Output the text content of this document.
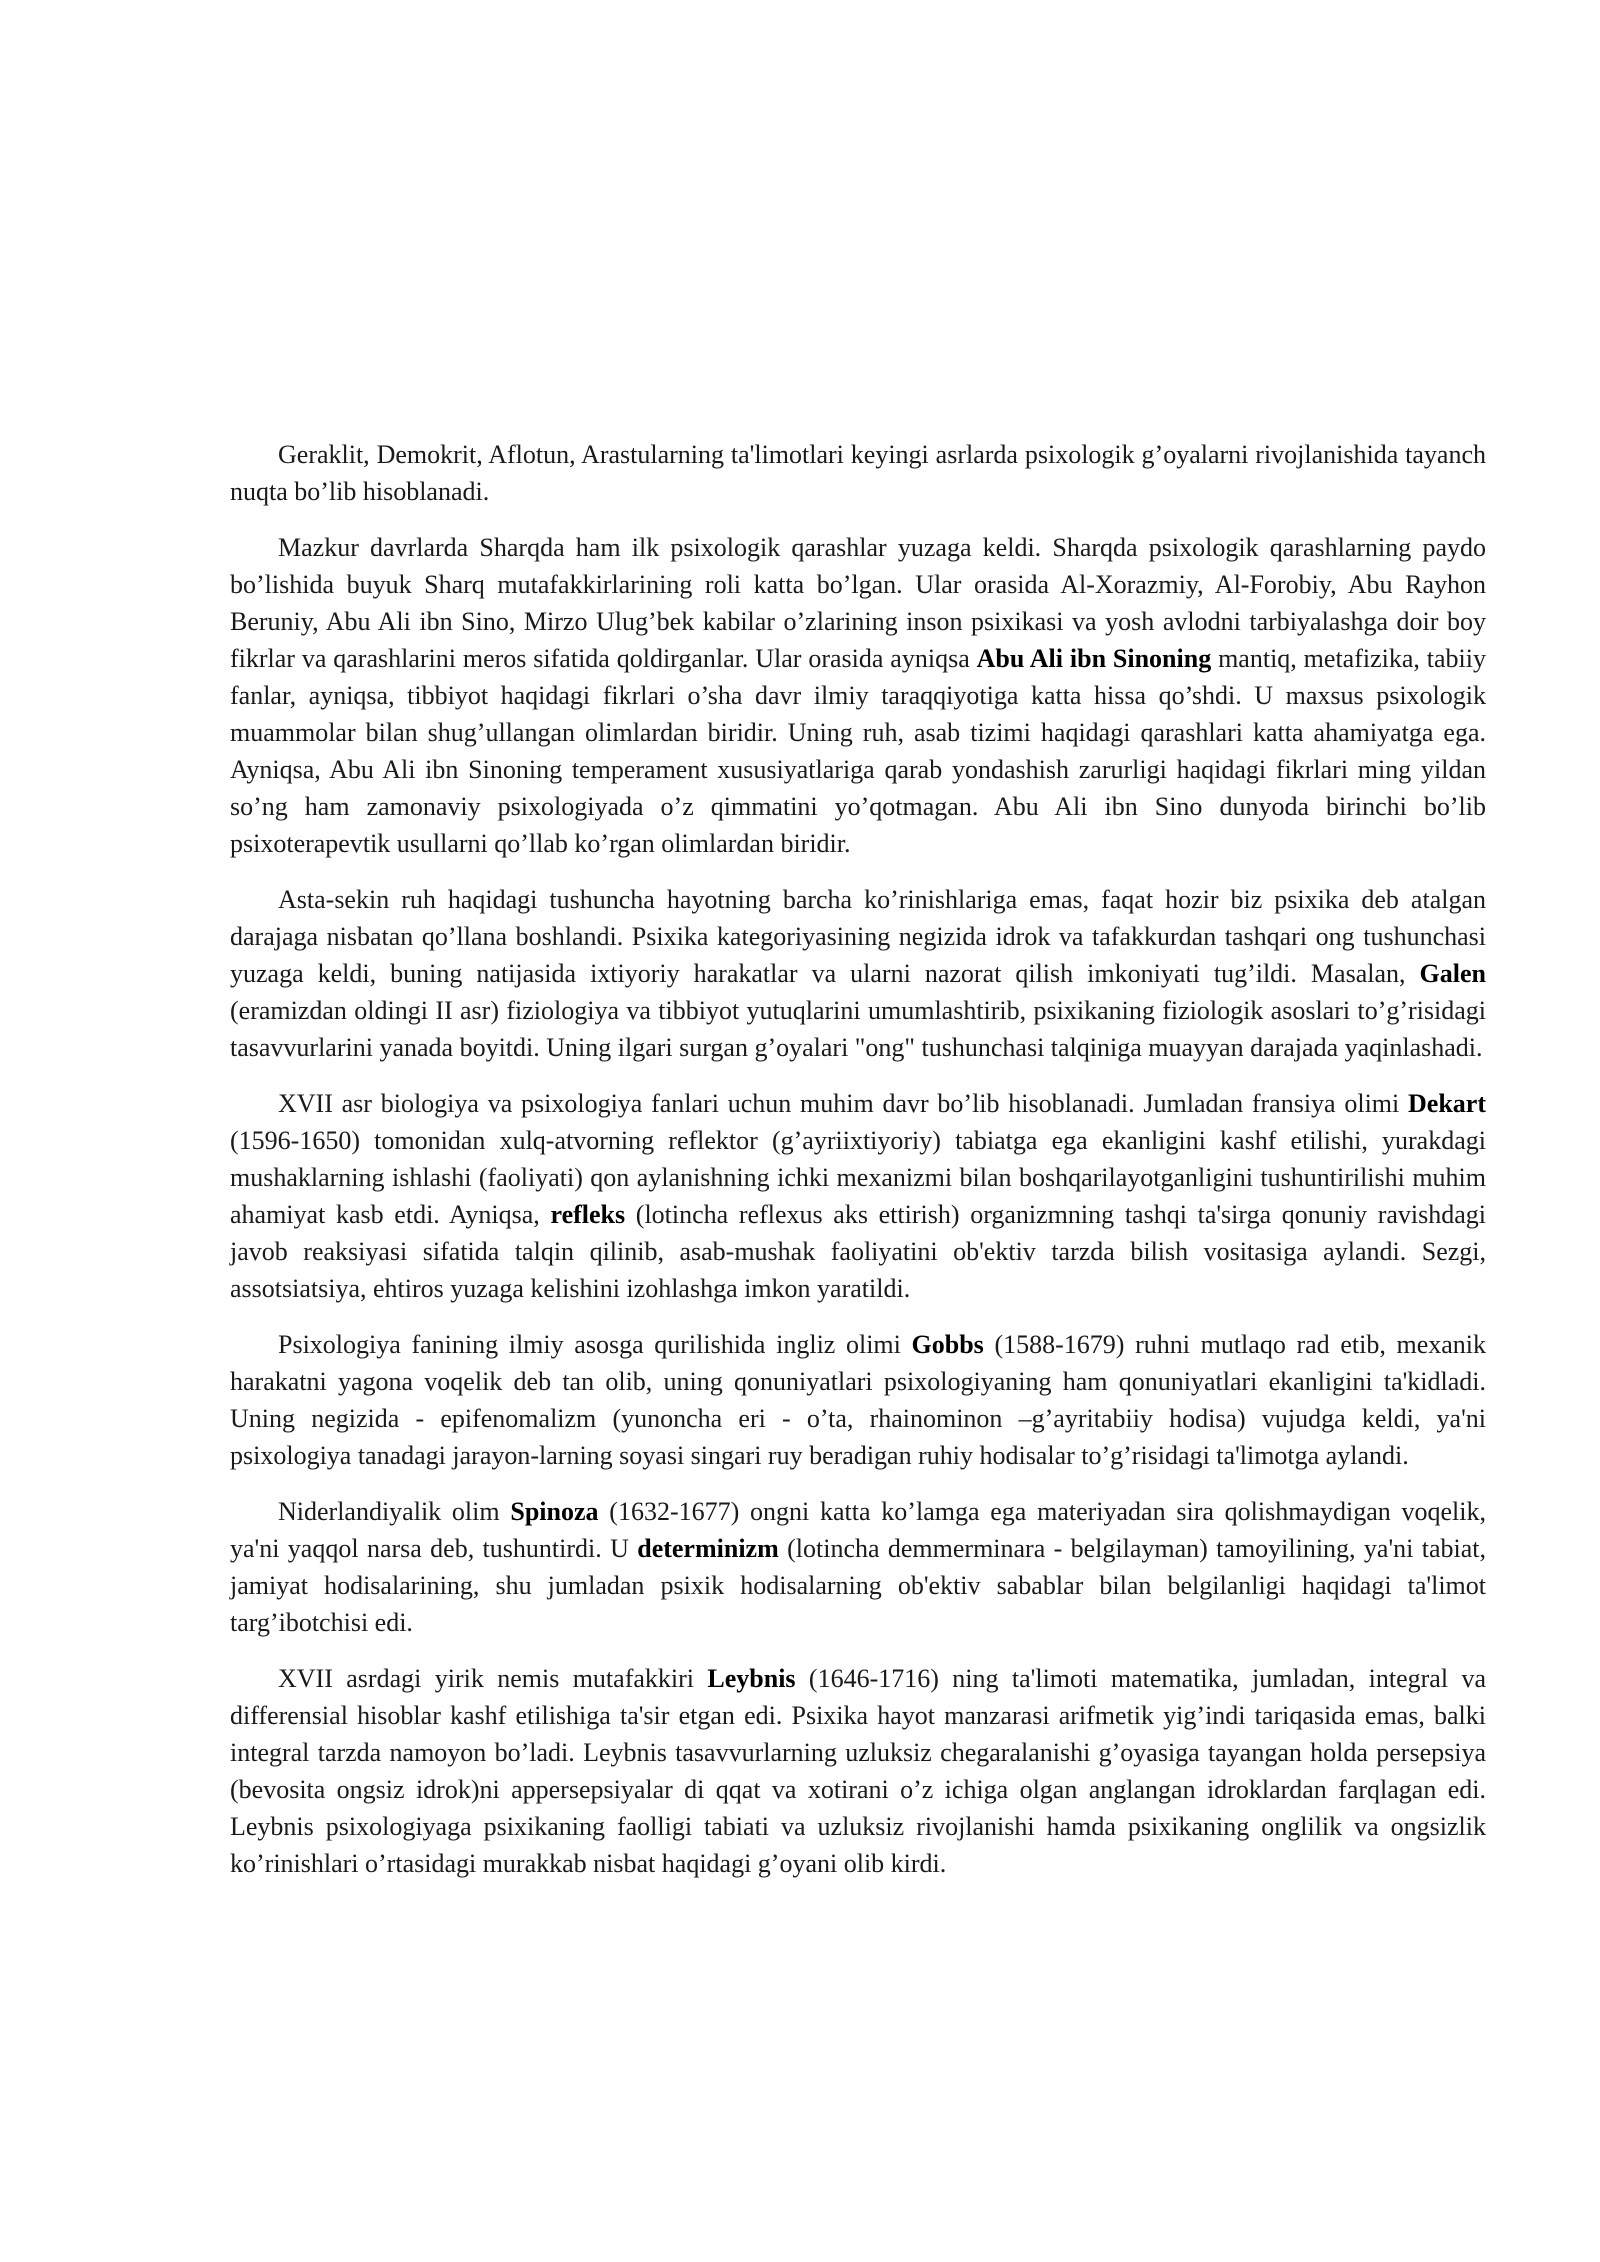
Geraklit, Demokrit, Aflotun, Arastularning ta'limotlari keyingi asrlarda psixologik g’oyalarni rivojlanishida tayanch nuqta bo’lib hisoblanadi.

Mazkur davrlarda Sharqda ham ilk psixologik qarashlar yuzaga keldi. Sharqda psixologik qarashlarning paydo bo’lishida buyuk Sharq mutafakkirlarining roli katta bo’lgan. Ular orasida Al-Xorazmiy, Al-Forobiy, Abu Rayhon Beruniy, Abu Ali ibn Sino, Mirzo Ulug’bek kabilar o’zlarining inson psixikasi va yosh avlodni tarbiyalashga doir boy fikrlar va qarashlarini meros sifatida qoldirganlar. Ular orasida ayniqsa Abu Ali ibn Sinoning mantiq, metafizika, tabiiy fanlar, ayniqsa, tibbiyot haqidagi fikrlari o’sha davr ilmiy taraqqiyotiga katta hissa qo’shdi. U maxsus psixologik muammolar bilan shug’ullangan olimlardan biridir. Uning ruh, asab tizimi haqidagi qarashlari katta ahamiyatga ega. Ayniqsa, Abu Ali ibn Sinoning temperament xususiyatlariga qarab yondashish zarurligi haqidagi fikrlari ming yildan so’ng ham zamonaviy psixologiyada o’z qimmatini yo’qotmagan. Abu Ali ibn Sino dunyoda birinchi bo’lib psixoterapevtik usullarni qo’llab ko’rgan olimlardan biridir.

Asta-sekin ruh haqidagi tushuncha hayotning barcha ko’rinishlariga emas, faqat hozir biz psixika deb atalgan darajaga nisbatan qo’llana boshlandi. Psixika kategoriyasining negizida idrok va tafakkurdan tashqari ong tushunchasi yuzaga keldi, buning natijasida ixtiyoriy harakatlar va ularni nazorat qilish imkoniyati tug’ildi. Masalan, Galen (eramizdan oldingi II asr) fiziologiya va tibbiyot yutuqlarini umumlashtirib, psixikaning fiziologik asoslari to’g’risidagi tasavvurlarini yanada boyitdi. Uning ilgari surgan g’oyalari "ong" tushunchasi talqiniga muayyan darajada yaqinlashadi.

XVII asr biologiya va psixologiya fanlari uchun muhim davr bo’lib hisoblanadi. Jumladan fransiya olimi Dekart (1596-1650) tomonidan xulq-atvorning reflektor (g’ayriixtiyoriy) tabiatga ega ekanligini kashf etilishi, yurakdagi mushaklarning ishlashi (faoliyati) qon aylanishning ichki mexanizmi bilan boshqarilayotganligini tushuntirilishi muhim ahamiyat kasb etdi. Ayniqsa, refleks (lotincha reflexus aks ettirish) organizmning tashqi ta'sirga qonuniy ravishdagi javob reaksiyasi sifatida talqin qilinib, asab-mushak faoliyatini ob'ektiv tarzda bilish vositasiga aylandi. Sezgi, assotsiatsiya, ehtiros yuzaga kelishini izohlashga imkon yaratildi.

Psixologiya fanining ilmiy asosga qurilishida ingliz olimi Gobbs (1588-1679) ruhni mutlaqo rad etib, mexanik harakatni yagona voqelik deb tan olib, uning qonuniyatlari psixologiyaning ham qonuniyatlari ekanligini ta'kidladi. Uning negizida - epifenomalizm (yunoncha eri - o’ta, rhainominon –g’ayritabiiy hodisa) vujudga keldi, ya'ni psixologiya tanadagi jarayon-larning soyasi singari ruy beradigan ruhiy hodisalar to’g’risidagi ta'limotga aylandi.

Niderlandiyalik olim Spinoza (1632-1677) ongni katta ko’lamga ega materiyadan sira qolishmaydigan voqelik, ya'ni yaqqol narsa deb, tushuntirdi. U determinizm (lotincha demmerminara - belgilayman) tamoyilining, ya'ni tabiat, jamiyat hodisalarining, shu jumladan psixik hodisalarning ob'ektiv sabablar bilan belgilanligi haqidagi ta'limot targ’ibotchisi edi.

XVII asrdagi yirik nemis mutafakkiri Leybnis (1646-1716) ning ta'limoti matematika, jumladan, integral va differensial hisoblar kashf etilishiga ta'sir etgan edi. Psixika hayot manzarasi arifmetik yig’indi tariqasida emas, balki integral tarzda namoyon bo’ladi. Leybnis tasavvurlarning uzluksiz chegaralanishi g’oyasiga tayangan holda persepsiya (bevosita ongsiz idrok)ni appersepsiyalar di qqat va xotirani o’z ichiga olgan anglangan idroklardan farqlagan edi. Leybnis psixologiyaga psixikaning faolligi tabiati va uzluksiz rivojlanishi hamda psixikaning onglilik va ongsizlik ko’rinishlari o’rtasidagi murakkab nisbat haqidagi g’oyani olib kirdi.
